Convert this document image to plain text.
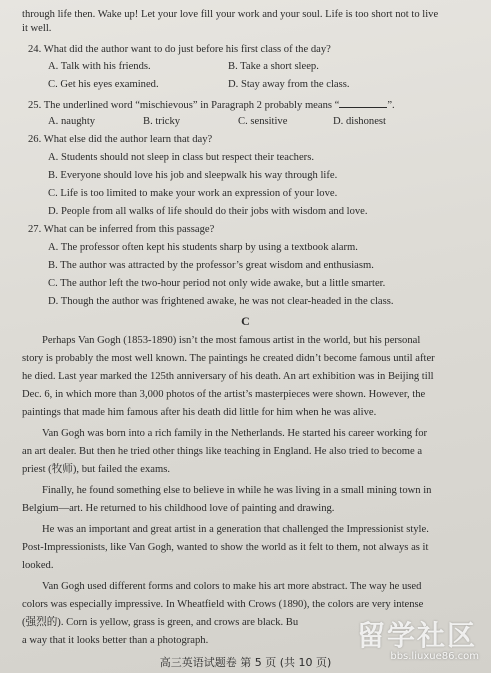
through life then. Wake up! Let your love fill your work and your soul. Life is too short not to live
it well.
24. What did the author want to do just before his first class of the day?
A. Talk with his friends.	B. Take a short sleep.
C. Get his eyes examined.	D. Stay away from the class.
25. The underlined word “mischievous” in Paragraph 2 probably means “	”.
A. naughty	B. tricky	C. sensitive	D. dishonest
26. What else did the author learn that day?
A. Students should not sleep in class but respect their teachers.
B. Everyone should love his job and sleepwalk his way through life.
C. Life is too limited to make your work an expression of your love.
D. People from all walks of life should do their jobs with wisdom and love.
27. What can be inferred from this passage?
A. The professor often kept his students sharp by using a textbook alarm.
B. The author was attracted by the professor’s great wisdom and enthusiasm.
C. The author left the two-hour period not only wide awake, but a little smarter.
D. Though the author was frightened awake, he was not clear-headed in the class.
C
Perhaps Van Gogh (1853-1890) isn’t the most famous artist in the world, but his personal
story is probably the most well known. The paintings he created didn’t become famous until after
he died. Last year marked the 125th anniversary of his death. An art exhibition was in Beijing till
Dec. 6, in which more than 3,000 photos of the artist’s masterpieces were shown. However, the
paintings that made him famous after his death did little for him when he was alive.
Van Gogh was born into a rich family in the Netherlands. He started his career working for
an art dealer. But then he tried other things like teaching in England. He also tried to become a
priest (牧师), but failed the exams.
Finally, he found something else to believe in while he was living in a small mining town in
Belgium—art. He returned to his childhood love of painting and drawing.
He was an important and great artist in a generation that challenged the Impressionist style.
Post-Impressionists, like Van Gogh, wanted to show the world as it felt to them, not always as it
looked.
Van Gogh used different forms and colors to make his art more abstract. The way he used
colors was especially impressive. In Wheatfield with Crows (1890), the colors are very intense
(强烈的). Corn is yellow, grass is green, and crows are black. Bu
a way that it looks better than a photograph.
高三英语试题卷 第 5 页 (共 10 页)
留学社区
bbs.liuxue86.com
